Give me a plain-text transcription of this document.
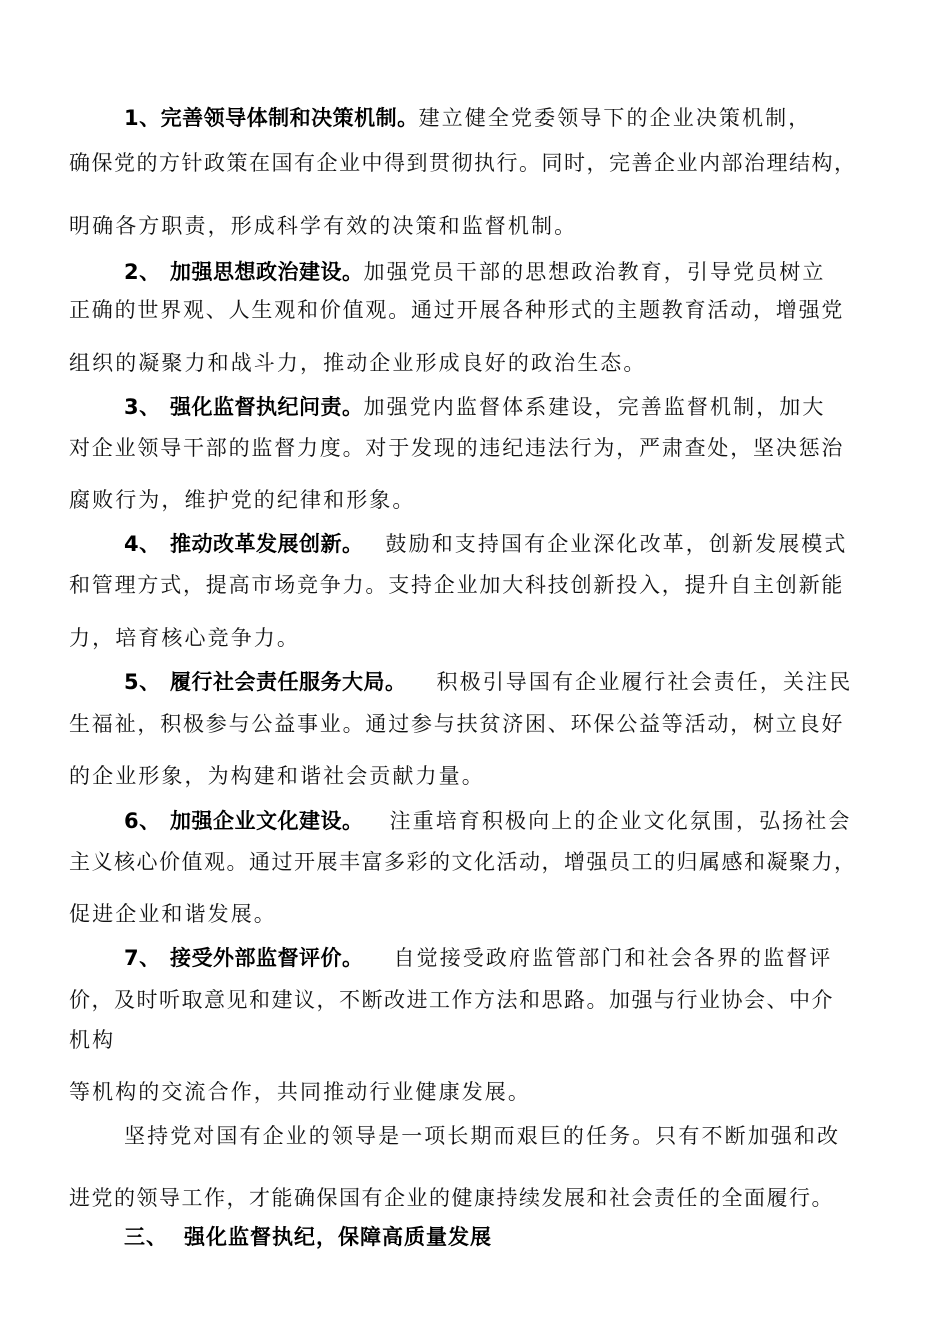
1、完善领导体制和决策机制。建立健全党委领导下的企业决策机制，
确保党的方针政策在国有企业中得到贯彻执行。同时，完善企业内部治理结构，
明确各方职责，形成科学有效的决策和监督机制。
2、 加强思想政治建设。加强党员干部的思想政治教育，引导党员树立
正确的世界观、人生观和价值观。通过开展各种形式的主题教育活动，增强党
组织的凝聚力和战斗力，推动企业形成良好的政治生态。
3、 强化监督执纪问责。加强党内监督体系建设，完善监督机制，加大
对企业领导干部的监督力度。对于发现的违纪违法行为，严肃查处，坚决惩治
腐败行为，维护党的纪律和形象。
4、 推动改革发展创新。 鼓励和支持国有企业深化改革，创新发展模式
和管理方式，提高市场竞争力。支持企业加大科技创新投入，提升自主创新能
力，培育核心竞争力。
5、 履行社会责任服务大局。 积极引导国有企业履行社会责任，关注民
生福祉，积极参与公益事业。通过参与扶贫济困、环保公益等活动，树立良好
的企业形象，为构建和谐社会贡献力量。
6、 加强企业文化建设。 注重培育积极向上的企业文化氛围，弘扬社会
主义核心价值观。通过开展丰富多彩的文化活动，增强员工的归属感和凝聚力，
促进企业和谐发展。
7、 接受外部监督评价。 自觉接受政府监管部门和社会各界的监督评
价，及时听取意见和建议，不断改进工作方法和思路。加强与行业协会、中介
机构
等机构的交流合作，共同推动行业健康发展。
坚持党对国有企业的领导是一项长期而艰巨的任务。只有不断加强和改
进党的领导工作，才能确保国有企业的健康持续发展和社会责任的全面履行。
三、 强化监督执纪，保障高质量发展
